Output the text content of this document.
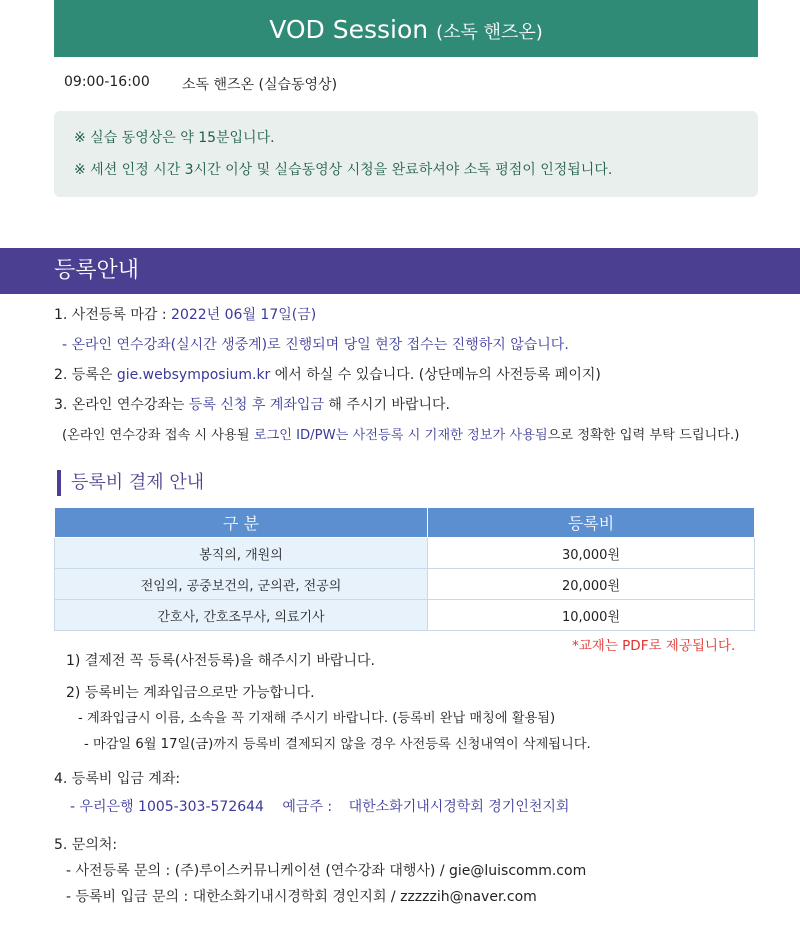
VOD Session (소독 핸즈온)
09:00-16:00 소독 핸즈온 (실습동영상)
※ 실습 동영상은 약 15분입니다.
※ 세션 인정 시간 3시간 이상 및 실습동영상 시청을 완료하셔야 소독 평점이 인정됩니다.
등록안내
1. 사전등록 마감 : 2022년 06월 17일(금)
- 온라인 연수강좌(실시간 생중계)로 진행되며 당일 현장 접수는 진행하지 않습니다.
2. 등록은 gie.websymposium.kr 에서 하실 수 있습니다. (상단메뉴의 사전등록 페이지)
3. 온라인 연수강좌는 등록 신청 후 계좌입금 해 주시기 바랍니다.
(온라인 연수강좌 접속 시 사용될 로그인 ID/PW는 사전등록 시 기재한 정보가 사용됨으로 정확한 입력 부탁 드립니다.)
등록비 결제 안내
구 분	등록비
봉직의, 개원의	30,000원
전임의, 공중보건의, 군의관, 전공의	20,000원
간호사, 간호조무사, 의료기사	10,000원
*교재는 PDF로 제공됩니다.
1) 결제전 꼭 등록(사전등록)을 해주시기 바랍니다.
2) 등록비는 계좌입금으로만 가능합니다.
- 계좌입금시 이름, 소속을 꼭 기재해 주시기 바랍니다. (등록비 완납 매칭에 활용됨)
- 마감일 6월 17일(금)까지 등록비 결제되지 않을 경우 사전등록 신청내역이 삭제됩니다.
4. 등록비 입금 계좌:
- 우리은행 1005-303-572644 예금주 : 대한소화기내시경학회 경기인천지회
5. 문의처:
- 사전등록 문의 : (주)루이스커뮤니케이션 (연수강좌 대행사) / gie@luiscomm.com
- 등록비 입금 문의 : 대한소화기내시경학회 경인지회 / zzzzzih@naver.com
